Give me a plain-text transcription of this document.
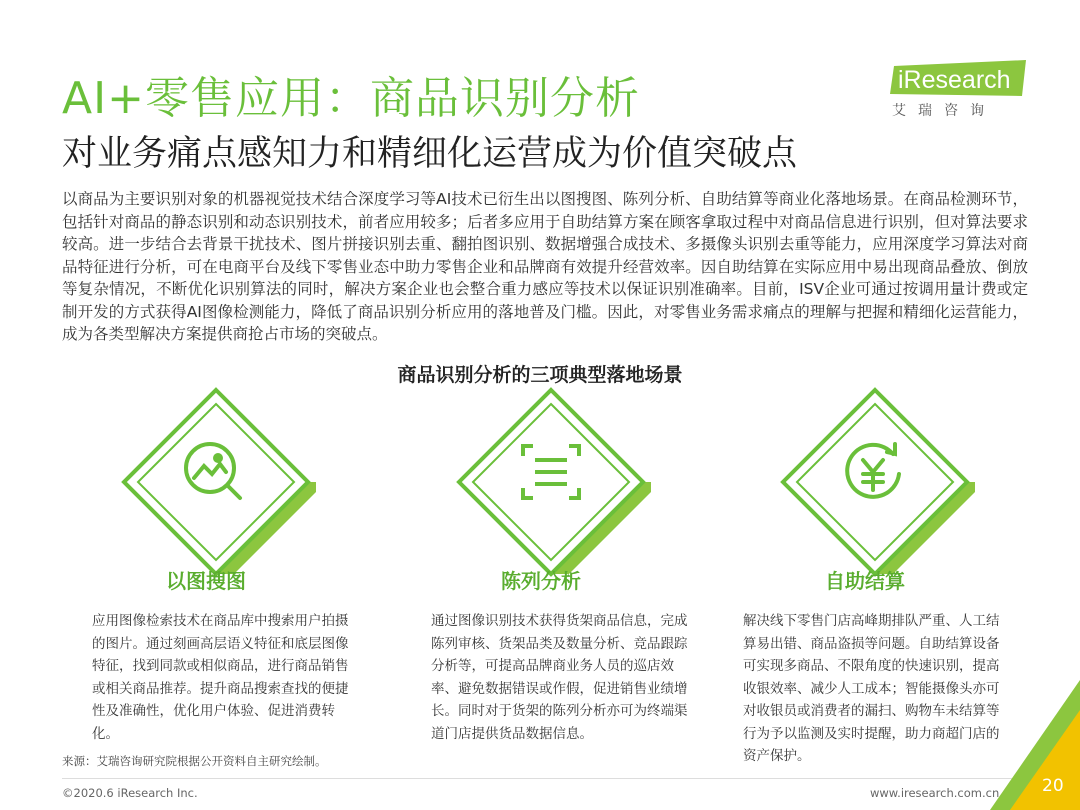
AI+零售应用：商品识别分析
对业务痛点感知力和精细化运营成为价值突破点
iResearch
艾瑞咨询
以商品为主要识别对象的机器视觉技术结合深度学习等AI技术已衍生出以图搜图、陈列分析、自助结算等商业化落地场景。在商品检测环节，包括针对商品的静态识别和动态识别技术，前者应用较多；后者多应用于自助结算方案在顾客拿取过程中对商品信息进行识别，但对算法要求较高。进一步结合去背景干扰技术、图片拼接识别去重、翻拍图识别、数据增强合成技术、多摄像头识别去重等能力，应用深度学习算法对商品特征进行分析，可在电商平台及线下零售业态中助力零售企业和品牌商有效提升经营效率。因自助结算在实际应用中易出现商品叠放、倒放等复杂情况，不断优化识别算法的同时，解决方案企业也会整合重力感应等技术以保证识别准确率。目前，ISV企业可通过按调用量计费或定制开发的方式获得AI图像检测能力，降低了商品识别分析应用的落地普及门槛。因此，对零售业务需求痛点的理解与把握和精细化运营能力，成为各类型解决方案提供商抢占市场的突破点。
商品识别分析的三项典型落地场景
以图搜图
应用图像检索技术在商品库中搜索用户拍摄的图片。通过刻画高层语义特征和底层图像特征，找到同款或相似商品，进行商品销售或相关商品推荐。提升商品搜索查找的便捷性及准确性，优化用户体验、促进消费转化。
陈列分析
通过图像识别技术获得货架商品信息，完成陈列审核、货架品类及数量分析、竞品跟踪分析等，可提高品牌商业务人员的巡店效率、避免数据错误或作假，促进销售业绩增长。同时对于货架的陈列分析亦可为终端渠道门店提供货品数据信息。
自助结算
解决线下零售门店高峰期排队严重、人工结算易出错、商品盗损等问题。自助结算设备可实现多商品、不限角度的快速识别，提高收银效率、减少人工成本；智能摄像头亦可对收银员或消费者的漏扫、购物车未结算等行为予以监测及实时提醒，助力商超门店的资产保护。
来源：艾瑞咨询研究院根据公开资料自主研究绘制。
©2020.6 iResearch Inc.	www.iresearch.com.cn	20
